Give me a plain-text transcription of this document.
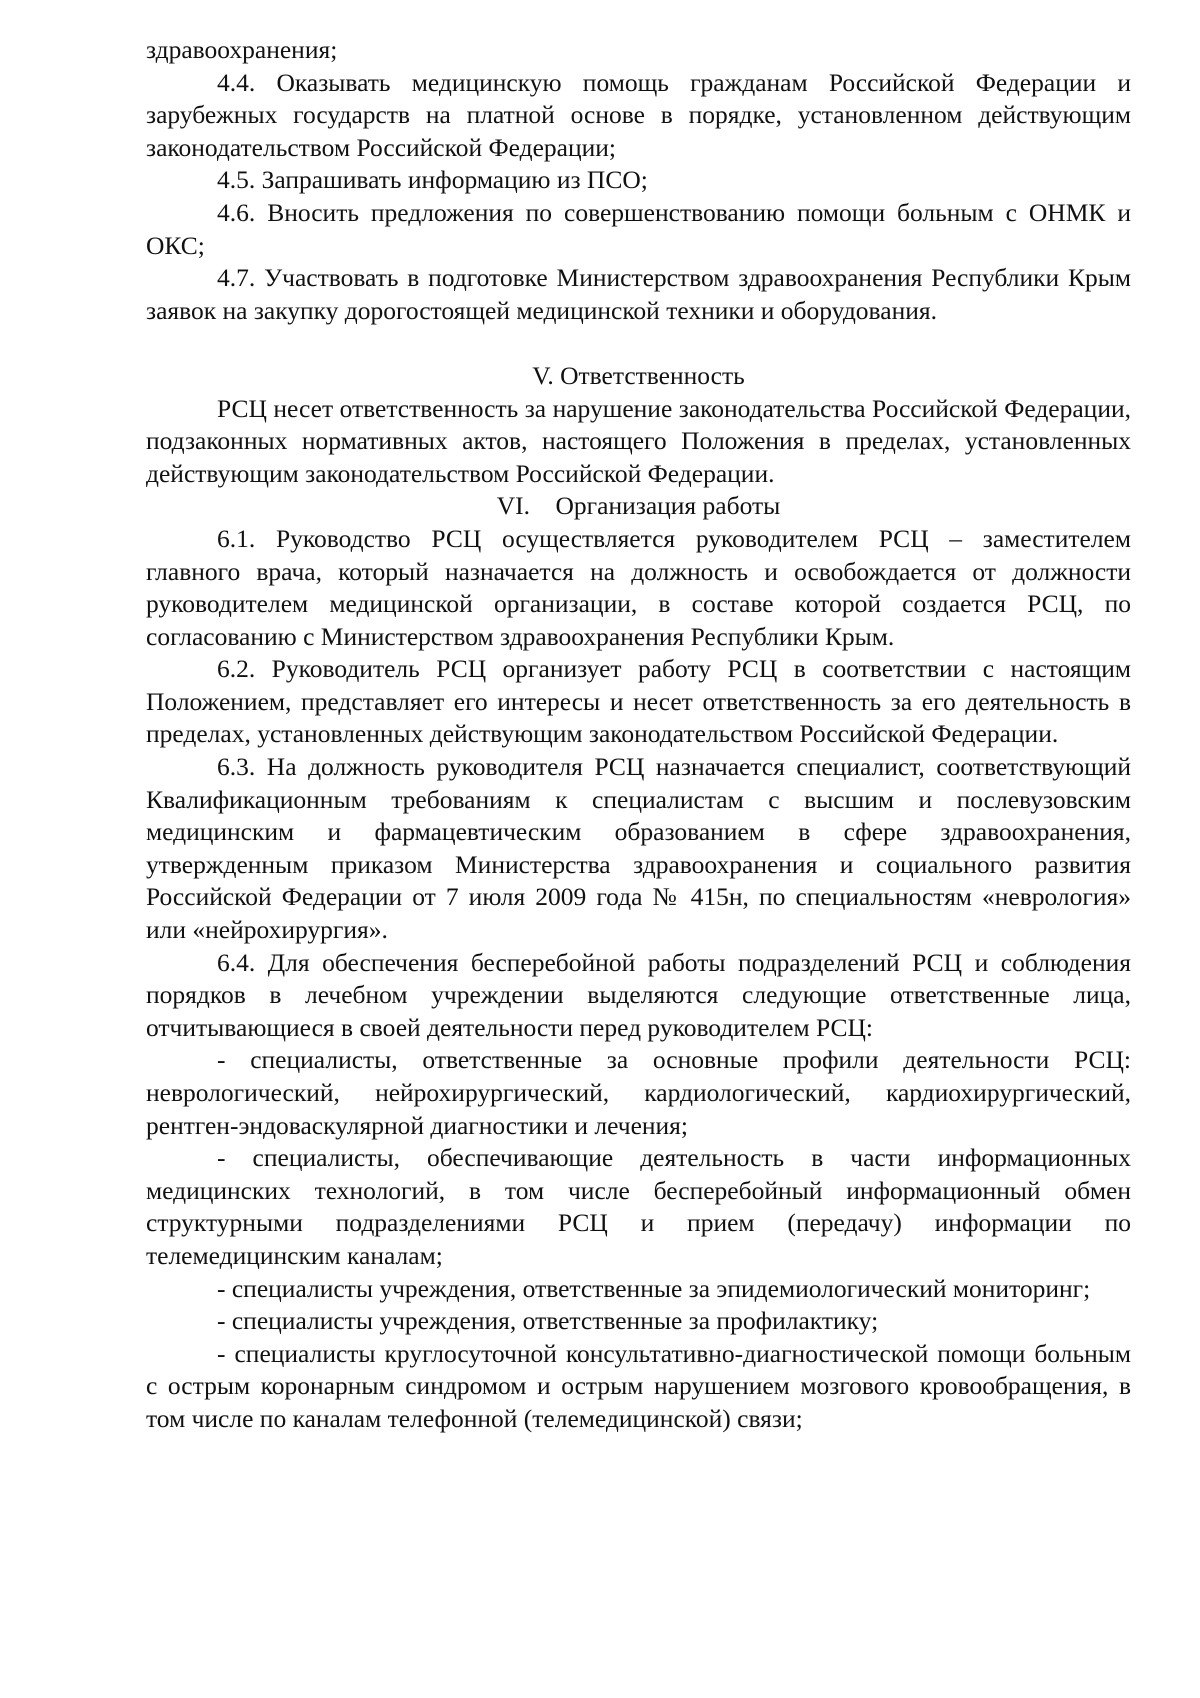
здравоохранения;

4.4. Оказывать медицинскую помощь гражданам Российской Федерации и зарубежных государств на платной основе в порядке, установленном действующим законодательством Российской Федерации;

4.5. Запрашивать информацию из ПСО;

4.6. Вносить предложения по совершенствованию помощи больным с ОНМК и ОКС;

4.7. Участвовать в подготовке Министерством здравоохранения Республики Крым заявок на закупку дорогостоящей медицинской техники и оборудования.

V. Ответственность

РСЦ несет ответственность за нарушение законодательства Российской Федерации, подзаконных нормативных актов, настоящего Положения в пределах, установленных действующим законодательством Российской Федерации.

VI. Организация работы

6.1. Руководство РСЦ осуществляется руководителем РСЦ – заместителем главного врача, который назначается на должность и освобождается от должности руководителем медицинской организации, в составе которой создается РСЦ, по согласованию с Министерством здравоохранения Республики Крым.

6.2. Руководитель РСЦ организует работу РСЦ в соответствии с настоящим Положением, представляет его интересы и несет ответственность за его деятельность в пределах, установленных действующим законодательством Российской Федерации.

6.3. На должность руководителя РСЦ назначается специалист, соответствующий Квалификационным требованиям к специалистам с высшим и послевузовским медицинским и фармацевтическим образованием в сфере здравоохранения, утвержденным приказом Министерства здравоохранения и социального развития Российской Федерации от 7 июля 2009 года № 415н, по специальностям «неврология» или «нейрохирургия».

6.4. Для обеспечения бесперебойной работы подразделений РСЦ и соблюдения порядков в лечебном учреждении выделяются следующие ответственные лица, отчитывающиеся в своей деятельности перед руководителем РСЦ:

- специалисты, ответственные за основные профили деятельности РСЦ: неврологический, нейрохирургический, кардиологический, кардиохирургический, рентген-эндоваскулярной диагностики и лечения;

- специалисты, обеспечивающие деятельность в части информационных медицинских технологий, в том числе бесперебойный информационный обмен структурными подразделениями РСЦ и прием (передачу) информации по телемедицинским каналам;

- специалисты учреждения, ответственные за эпидемиологический мониторинг;

- специалисты учреждения, ответственные за профилактику;

- специалисты круглосуточной консультативно-диагностической помощи больным с острым коронарным синдромом и острым нарушением мозгового кровообращения, в том числе по каналам телефонной (телемедицинской) связи;
